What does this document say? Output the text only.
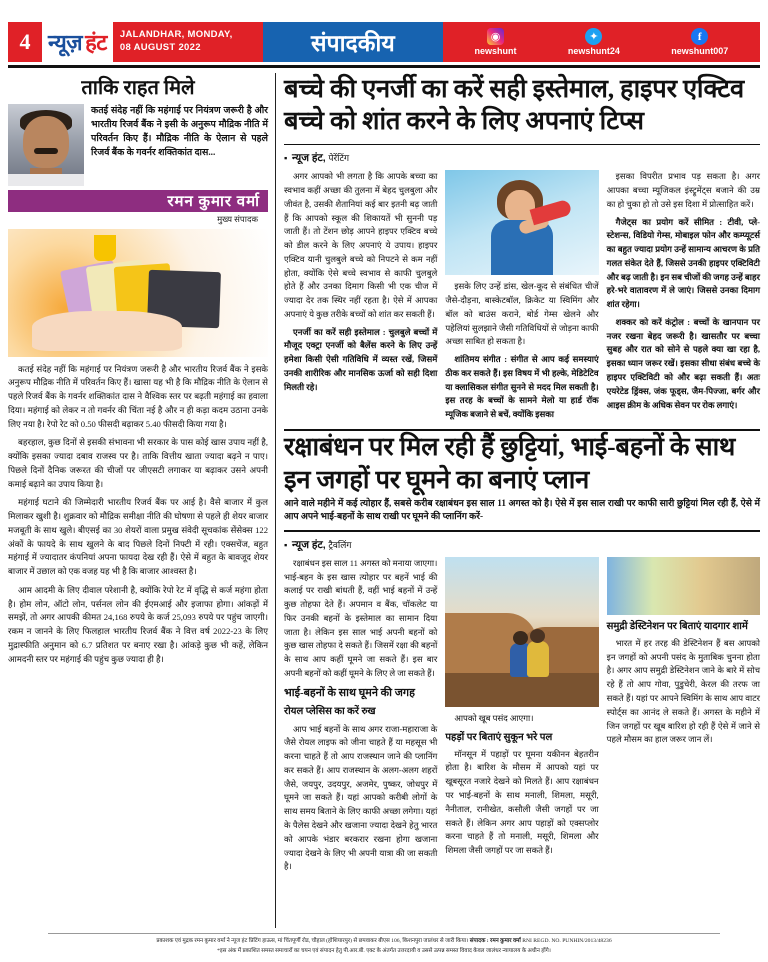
4 न्यूज़ हंट JALANDHAR, MONDAY,
08 AUGUST 2022	संपादकीय	◉
newshunt
✦
newshunt24
f
newshunt007
ताकि राहत मिले
कतई संदेह नहीं कि महंगाई पर नियंत्रण जरूरी है और भारतीय रिजर्व बैंक ने इसी के अनुरूप मौद्रिक नीति में परिवर्तन किए हैं। मौद्रिक नीति के ऐलान से पहले रिजर्व बैंक के गवर्नर शक्तिकांत दास...
रमन कुमार वर्मा
मुख्य संपादक

कतई संदेह नहीं कि महंगाई पर नियंत्रण जरूरी है और भारतीय रिजर्व बैंक ने इसके अनुरूप मौद्रिक नीति में परिवर्तन किए हैं। खासा यह भी है कि मौद्रिक नीति के ऐलान से पहले रिजर्व बैंक के गवर्नर शक्तिकांत दास ने वैश्विक स्तर पर बढ़ती महंगाई का हवाला दिया। महंगाई को लेकर न तो गवर्नर की चिंता नई है और न ही कड़ा कदम उठाना उनके लिए नया है। रेपो रेट को 0.50 फीसदी बढ़ाकर 5.40 फीसदी किया गया है।

बहरहाल, कुछ दिनों से इसकी संभावना भी सरकार के पास कोई खास उपाय नहीं है, क्योंकि इसका ज्यादा दबाव राजस्व पर है। ताकि वित्तीय खाता ज्यादा बढ़ने न पाए। पिछले दिनों दैनिक जरूरत की चीजों पर जीएसटी लगाकर या बढ़ाकर उसने अपनी कमाई बढ़ाने का उपाय किया है।

महंगाई घटाने की जिम्मेदारी भारतीय रिजर्व बैंक पर आई है। वैसे बाजार में कुल मिलाकर खुशी है। शुक्रवार को मौद्रिक समीक्षा नीति की घोषणा से पहले ही शेयर बाजार मजबूती के साथ खुले। बीएसई का 30 शेयरों वाला प्रमुख संवेदी सूचकांक सेंसेक्स 122 अंकों के फायदे के साथ खुलने के बाद पिछले दिनों निफ्टी में रही। एक्सचेंज, बहुत महंगाई में ज्यादातर कंपनियां अपना फायदा देख रही हैं। ऐसे में बहुत के बावजूद शेयर बाजार में उछाल को एक वजह यह भी है कि बाजार आश्वस्त है।

आम आदमी के लिए दीवाल परेशानी है, क्योंकि रेपो रेट में वृद्धि से कर्ज महंगा होता है। होम लोन, ऑटो लोन, पर्सनल लोन की ईएमआई और इजाफा होगा। आंकड़ों में समझें, तो अगर आपकी कीमत 24,168 रुपये के कर्ज 25,093 रुपये पर पहुंच जाएगी। रकम न जानने के लिए फिलहाल भारतीय रिजर्व बैंक ने वित्त वर्ष 2022-23 के लिए मुद्रास्फीति अनुमान को 6.7 प्रतिशत पर बनाए रखा है। आंकड़े कुछ भी कहें, लेकिन आमदनी स्तर पर महंगाई की पहुंच कुछ ज्यादा ही है।

बच्चे की एनर्जी का करें सही इस्तेमाल, हाइपर एक्टिव बच्चे को शांत करने के लिए अपनाएं टिप्स
▪ न्यूज हंट, पेरेंटिंग

अगर आपको भी लगता है कि आपके बच्चा का स्वभाव कहीं अच्छा की तुलना में बेहद चुलबुला और जीवंत है, उसकी शैतानियां कई बार इतनी बढ़ जाती हैं कि आपको स्कूल की शिकायतें भी सुननी पड़ जाती हैं। तो टेंशन छोड़ आपने हाइपर एक्टिव बच्चे को डील करने के लिए अपनाएं ये उपाय। हाइपर एक्टिव यानी चुलबुले बच्चे को निपटने से कम नहीं होता, क्योंकि ऐसे बच्चे स्वभाव से काफी चुलबुले होते हैं और उनका दिमाग किसी भी एक चीज में ज्यादा देर तक स्थिर नहीं रहता है। ऐसे में आपका अपनाएं ये कुछ तरीके बच्चों को शांत कर सकती हैं।

एनर्जी का करें सही इस्तेमाल : चुलबुले बच्चों में मौजूद एक्ट्रा एनर्जी को बैलेंस करने के लिए उन्हें हमेशा किसी ऐसी गतिविधि में व्यस्त रखें, जिसमें उनकी शारीरिक और मानसिक ऊर्जा को सही दिशा मिलती रहे।

इसके लिए उन्हें डांस, खेल-कूद से संबंधित चीजें जैसे-दौड़ना, बास्केटबॉल, क्रिकेट या स्विमिंग और बॉल को बाउंस कराने, बोर्ड गेम्स खेलने और पहेलियां सुलझाने जैसी गतिविधियों से जोड़ना काफी अच्छा साबित हो सकता है।

शांतिमय संगीत : संगीत से आप कई समस्याएं ठीक कर सकते हैं। इस विषय में भी हल्के, मेडिटेटिव या क्लासिकल संगीत सुनने से मदद मिल सकती है। इस तरह के बच्चों के सामने मेलो या हार्ड रॉक म्यूजिक बजाने से बचें, क्योंकि इसका

इसका विपरीत प्रभाव पड़ सकता है। अगर आपका बच्चा म्यूजिकल इंस्ट्रूमेंट्स बजाने की उम्र का हो चुका हो तो उसे इस दिशा में प्रोत्साहित करें।

गैजेट्स का प्रयोग करें सीमित : टीवी, प्ले-स्टेशन्स, विडियो गेम्स, मोबाइल फोन और कम्प्यूटर्स का बहुत ज्यादा प्रयोग उन्हें सामान्य आचरण के प्रति गलत संकेत देते हैं, जिससे उनकी हाइपर एक्टिविटी और बढ़ जाती है। इन सब चीजों की जगह उन्हें बाहर हरे-भरे वातावरण में ले जाएं। जिससे उनका दिमाग शांत रहेगा।

शक्कर को करें कंट्रोल : बच्चों के खानपान पर नजर रखना बेहद जरूरी है। खासतौर पर बच्चा सुबह और रात को सोने से पहले क्या खा रहा है, इसका ध्यान जरूर रखें। इसका सीधा संबंध बच्चे के हाइपर एक्टिविटी को और बढ़ा सकती हैं। अतः एयरेटेड ड्रिंक्स, जंक फूड्स, जैम-पिज्जा, बर्गर और आइस क्रीम के अधिक सेवन पर रोक लगाएं।

रक्षाबंधन पर मिल रही हैं छुट्टियां, भाई-बहनों के साथ इन जगहों पर घूमने का बनाएं प्लान
आने वाले महीने में कई त्योहार हैं, सबसे करीब रक्षाबंधन इस साल 11 अगस्त को है। ऐसे में इस साल राखी पर काफी सारी छुट्टियां मिल रही हैं, ऐसे में आप अपने भाई-बहनों के साथ राखी पर घूमने की प्लानिंग करें-
▪ न्यूज हंट, ट्रैवलिंग

रक्षाबंधन इस साल 11 अगस्त को मनाया जाएगा। भाई-बहन के इस खास त्योहार पर बहनें भाई की कलाई पर राखी बांधती हैं, वहीं भाई बहनों में उन्हें कुछ तोहफा देते हैं। अपमान व बैंक, चॉकलेट या फिर उनकी बहनों के इस्तेमाल का सामान दिया जाता है। लेकिन इस साल भाई अपनी बहनों को कुछ खास तोहफा दे सकते हैं। जिसमें रक्षा की बहनों के साथ आप कहीं घूमने जा सकते हैं। इस बार अपनी बहनों को कहीं घूमने के लिए ले जा सकते हैं।

भाई-बहनों के साथ घूमने की जगह
रोयल प्लेसिस का करें रुख

आप भाई बहनों के साथ अगर राजा-महाराजा के जैसे रोयल लाइफ को जीना चाहते हैं या महसूस भी करना चाहते हैं तो आप राजस्थान जाने की प्लानिंग कर सकते हैं। आप राजस्थान के अलग-अलग शहरों जैसे, जयपुर, उदयपुर, अजमेर, पुष्कर, जोधपुर में घूमने जा सकते हैं। यहां आपको करीबी लोगों के साथ समय बिताने के लिए काफी अच्छा लगेगा। यहां के पैलेस देखने और खजाना ज्यादा देखने हेतु भारत को आपके भंडार बरकरार रखना होगा खजाना ज्यादा देखने के लिए भी अपनी यात्रा की जा सकती है।

आपको खूब पसंद आएगा।

पहड़ों पर बिताएं सुकून भरे पल

मॉनसून में पहाड़ों पर घूमना यकीनन बेहतरीन होता है। बारिश के मौसम में आपको यहां पर खूबसूरत नजारे देखने को मिलते हैं। आप रक्षाबंधन पर भाई-बहनों के साथ मनाली, शिमला, मसूरी, नैनीताल, रानीखेत, कसौली जैसी जगहों पर जा सकते हैं। लेकिन अगर आप पहाड़ों को एक्सप्लोर करना चाहते हैं तो मनाली, मसूरी, शिमला और शिमला जैसी जगहों पर जा सकते हैं।

समुद्री डेस्टिनेशन पर बिताएं यादगार शामें

भारत में हर तरह की डेस्टिनेशन हैं बस आपको इन जगहों को अपनी पसंद के मुताबिक चुनना होता है। अगर आप समुद्री डेस्टिनेशन जाने के बारे में सोच रहे हैं तो आप गोवा, पुडुचेरी, केरल की तरफ जा सकते हैं। यहां पर आपने स्विमिंग के साथ आप वाटर स्पोर्ट्स का आनंद ले सकते हैं। अगस्त के महीने में जिन जगहों पर खूब बारिश हो रही हैं ऐसे में जाने से पहले मौसम का हाल जरूर जान लें।

प्रकाशक एवं मुद्रक रमन कुमार वर्मा ने न्यूज हंट प्रिटिंग हाऊस, मां चिंतपूर्णी रोड, चौहाल (होशियारपुर) से छपवाकर बीएस 106, किशनपुरा जालंधर से जारी किया। संपादक : रमन कुमार वर्मा RNI REGD. NO. PUNHIN/2013/48236
*इस अंक में प्रकाशित समस्त समाचारों का चयन एवं संपादन हेतु पी.आर.बी. एक्ट के अंतर्गत उत्तरदायी व उससे उत्पन्न समस्त विवाद केवल जालंधर न्यायालय के अधीन होंगे।
